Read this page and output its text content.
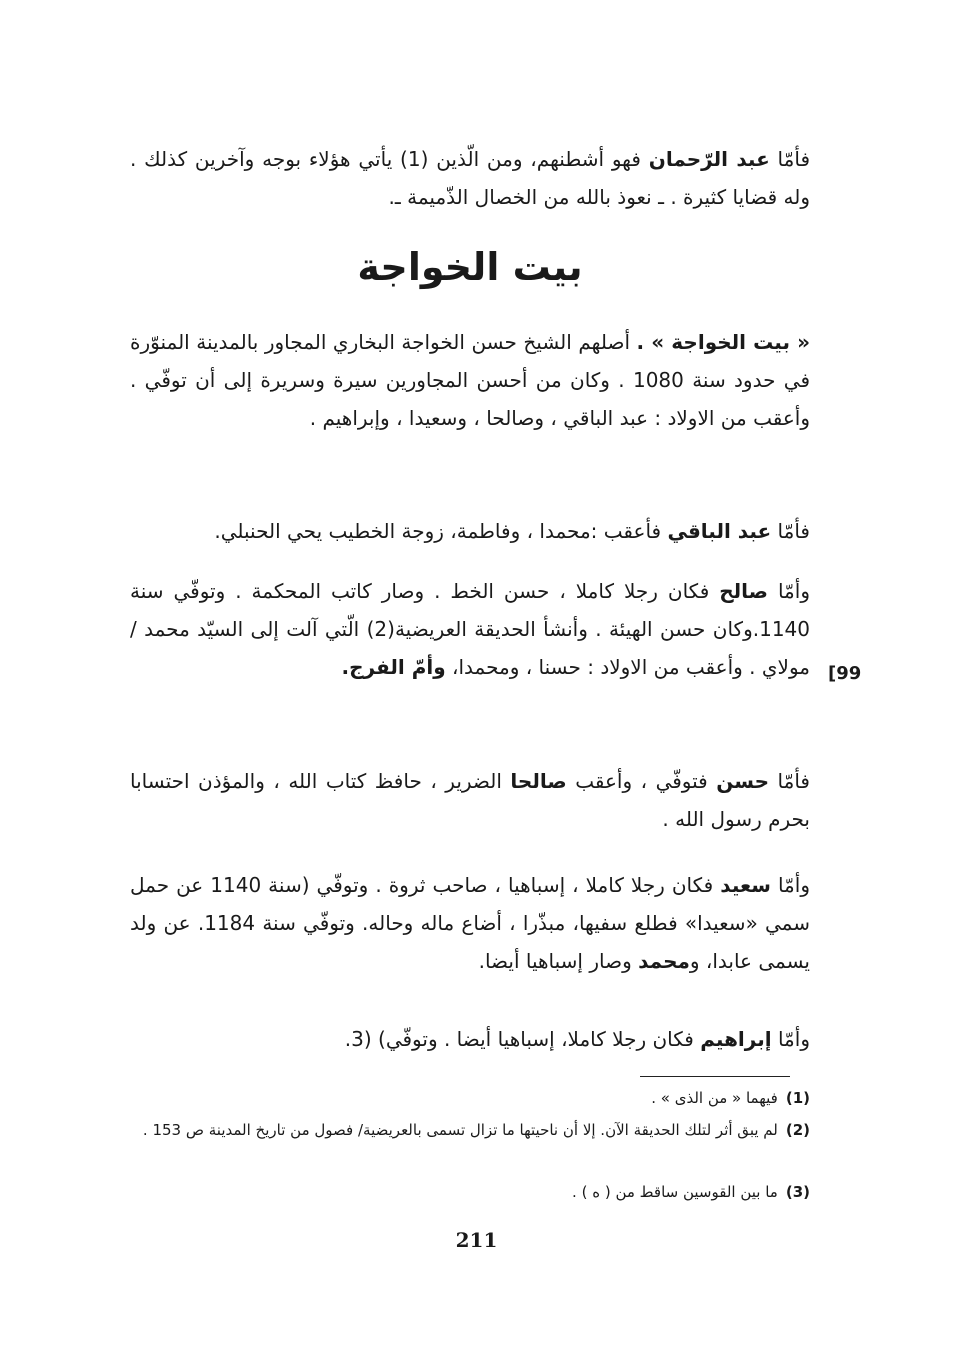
فأمّا عبد الرّحمان فهو أشطنهم، ومن الّذين (1) يأتي هؤلاء بوجه وآخرين كذلك . وله قضايا كثيرة . ـ نعوذ بالله من الخصال الذّميمة ـ.

بيت الخواجة

« بيت الخواجة » . أصلهم الشيخ حسن الخواجة البخاري المجاور بالمدينة المنوّرة في حدود سنة 1080 . وكان من أحسن المجاورين سيرة وسريرة إلى أن توفّي . وأعقب من الاولاد : عبد الباقي ، وصالحا ، وسعيدا ، وإبراهيم .

فأمّا عبد الباقي فأعقب :محمدا ، وفاطمة، زوجة الخطيب يحي الحنبلي.

وأمّا صالح فكان رجلا كاملا ، حسن الخط . وصار كاتب المحكمة . وتوفّي سنة 1140.وكان حسن الهيئة . وأنشأ الحديقة العريضية(2) الّتي آلت إلى السيّد محمد / مولاي . وأعقب من الاولاد : حسنا ، ومحمدا، وأمّ الفرج.	[99

فأمّا حسن فتوفّي ، وأعقب صالحا الضرير ، حافظ كتاب الله ، والمؤذن احتسابا بحرم رسول الله .

وأمّا سعيد فكان رجلا كاملا ، إسباهيا ، صاحب ثروة . وتوفّي (سنة 1140 عن حمل سمي «سعيدا» فطلع سفيها، مبذّرا ، أضاع ماله وحاله. وتوفّي سنة 1184. عن ولد يسمى عابدا، ومحمد وصار إسباهيا أيضا.

وأمّا إبراهيم فكان رجلا كاملا، إسباهيا أيضا . وتوفّي) (3.

(1)فيهما « من الذى » .
(2)لم يبق أثر لتلك الحديقة الآن. إلا أن ناحيتها ما تزال تسمى بالعريضية/ فصول من تاريخ المدينة ص 153 .
(3)ما بين القوسين ساقط من ( ه ) .
211
